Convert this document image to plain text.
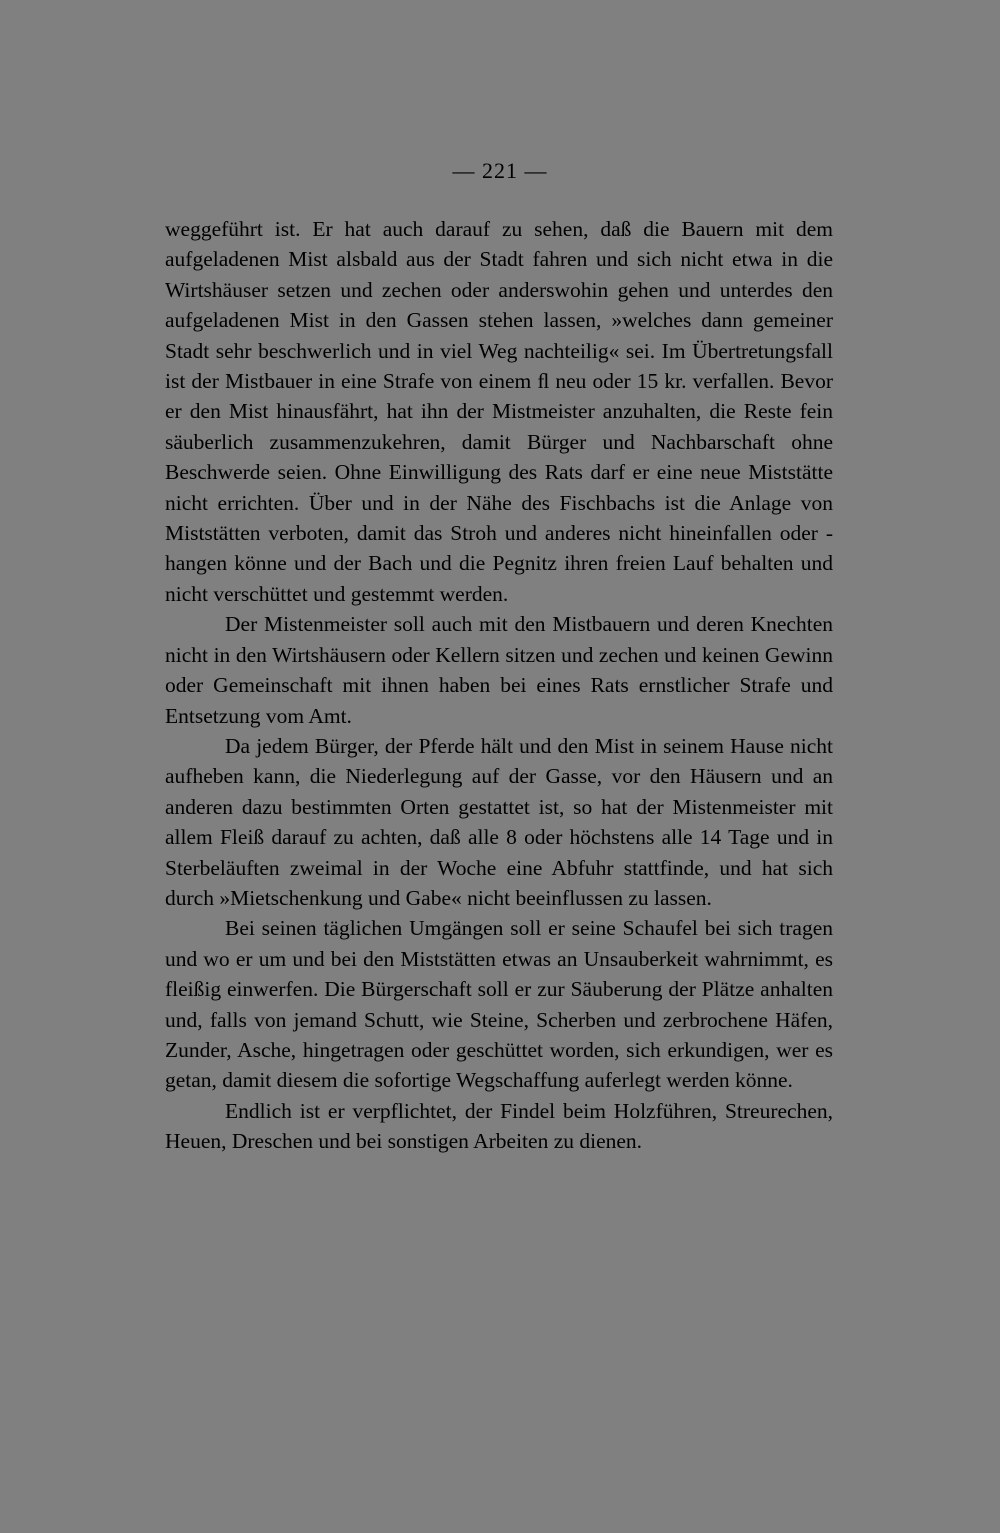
— 221 —

weggeführt ist. Er hat auch darauf zu sehen, daß die Bauern mit dem aufgeladenen Mist alsbald aus der Stadt fahren und sich nicht etwa in die Wirtshäuser setzen und zechen oder anderswohin gehen und unterdes den aufgeladenen Mist in den Gassen stehen lassen, »welches dann gemeiner Stadt sehr beschwerlich und in viel Weg nachteilig« sei. Im Übertretungsfall ist der Mistbauer in eine Strafe von einem ﬂ neu oder 15 kr. verfallen. Bevor er den Mist hinausfährt, hat ihn der Mistmeister anzuhalten, die Reste fein säuberlich zusammenzukehren, damit Bürger und Nachbarschaft ohne Beschwerde seien. Ohne Einwilligung des Rats darf er eine neue Miststätte nicht errichten. Über und in der Nähe des Fischbachs ist die Anlage von Miststätten verboten, damit das Stroh und anderes nicht hineinfallen oder -hangen könne und der Bach und die Pegnitz ihren freien Lauf behalten und nicht verschüttet und gestemmt werden.

Der Mistenmeister soll auch mit den Mistbauern und deren Knechten nicht in den Wirtshäusern oder Kellern sitzen und zechen und keinen Gewinn oder Gemeinschaft mit ihnen haben bei eines Rats ernstlicher Strafe und Entsetzung vom Amt.

Da jedem Bürger, der Pferde hält und den Mist in seinem Hause nicht aufheben kann, die Niederlegung auf der Gasse, vor den Häusern und an anderen dazu bestimmten Orten gestattet ist, so hat der Mistenmeister mit allem Fleiß darauf zu achten, daß alle 8 oder höchstens alle 14 Tage und in Sterbeläuften zweimal in der Woche eine Abfuhr stattfinde, und hat sich durch »Mietschenkung und Gabe« nicht beeinflussen zu lassen.

Bei seinen täglichen Umgängen soll er seine Schaufel bei sich tragen und wo er um und bei den Miststätten etwas an Unsauberkeit wahrnimmt, es fleißig einwerfen. Die Bürgerschaft soll er zur Säuberung der Plätze anhalten und, falls von jemand Schutt, wie Steine, Scherben und zerbrochene Häfen, Zunder, Asche, hingetragen oder geschüttet worden, sich erkundigen, wer es getan, damit diesem die sofortige Wegschaffung auferlegt werden könne.

Endlich ist er verpflichtet, der Findel beim Holzführen, Streurechen, Heuen, Dreschen und bei sonstigen Arbeiten zu dienen.
